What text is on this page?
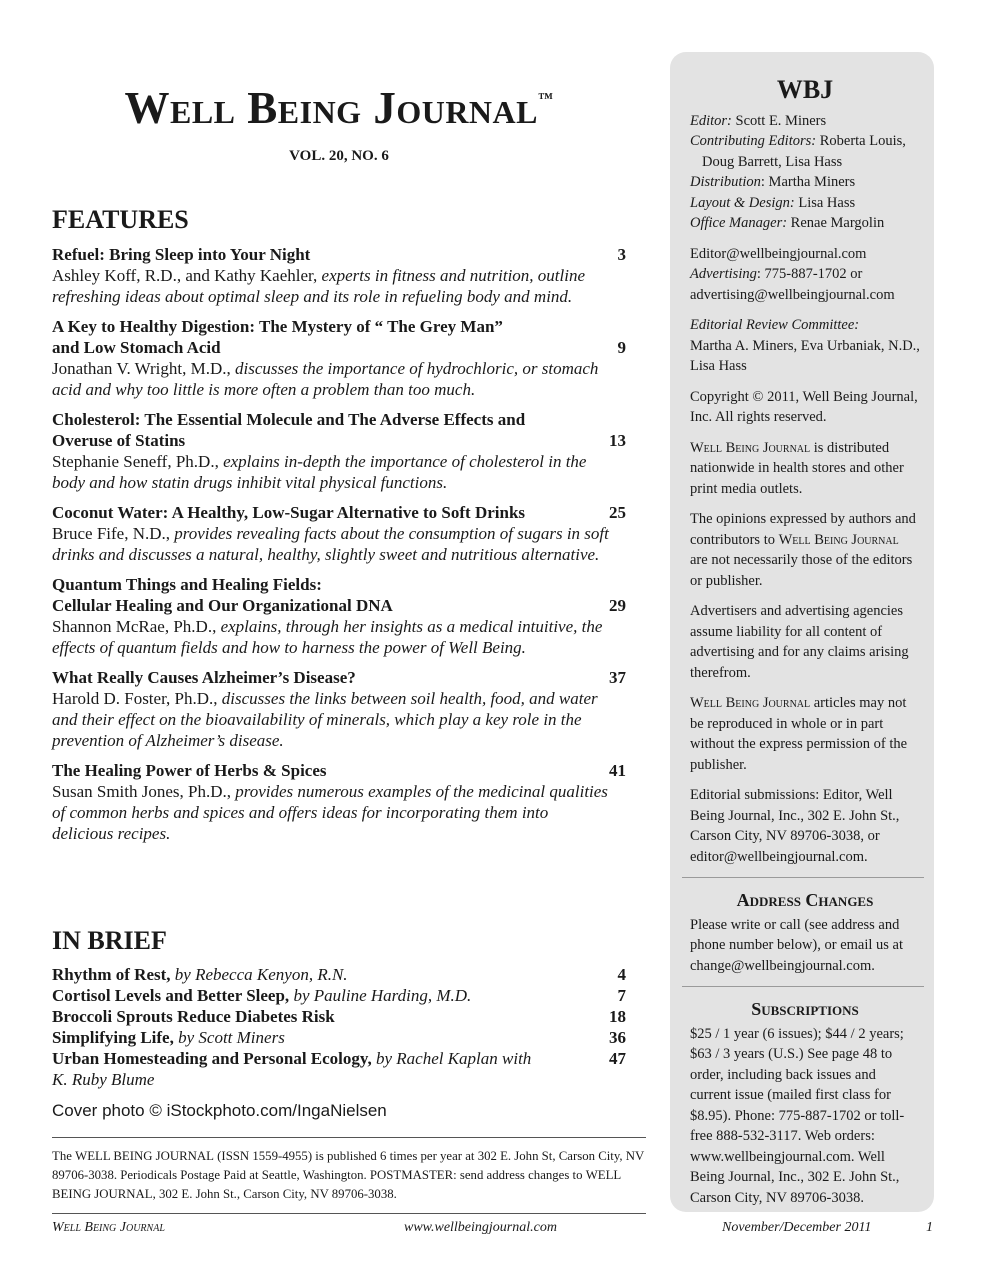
Well Being Journal™
VOL. 20, NO. 6
FEATURES
Refuel: Bring Sleep into Your Night	3
Ashley Koff, R.D., and Kathy Kaehler, experts in fitness and nutrition, outline refreshing ideas about optimal sleep and its role in refueling body and mind.
A Key to Healthy Digestion: The Mystery of “ The Grey Man”
and Low Stomach Acid	9
Jonathan V. Wright, M.D., discusses the importance of hydrochloric, or stomach acid and why too little is more often a problem than too much.
Cholesterol: The Essential Molecule and The Adverse Effects and
Overuse of Statins	13
Stephanie Seneff, Ph.D., explains in-depth the importance of cholesterol in the body and how statin drugs inhibit vital physical functions.
Coconut Water: A Healthy, Low-Sugar Alternative to Soft Drinks	25
Bruce Fife, N.D., provides revealing facts about the consumption of sugars in soft drinks and discusses a natural, healthy, slightly sweet and nutritious alternative.
Quantum Things and Healing Fields:
Cellular Healing and Our Organizational DNA	29
Shannon McRae, Ph.D., explains, through her insights as a medical intuitive, the effects of quantum fields and how to harness the power of Well Being.
What Really Causes Alzheimer’s Disease?	37
Harold D. Foster, Ph.D., discusses the links between soil health, food, and water and their effect on the bioavailability of minerals, which play a key role in the prevention of Alzheimer’s disease.
The Healing Power of Herbs & Spices	41
Susan Smith Jones, Ph.D., provides numerous examples of the medicinal qualities of common herbs and spices and offers ideas for incorporating them into delicious recipes.
IN BRIEF
Rhythm of Rest, by Rebecca Kenyon, R.N.	4
Cortisol Levels and Better Sleep, by Pauline Harding, M.D.	7
Broccoli Sprouts Reduce Diabetes Risk	18
Simplifying Life, by Scott Miners	36
Urban Homesteading and Personal Ecology, by Rachel Kaplan with	47
K. Ruby Blume
Cover photo © iStockphoto.com/IngaNielsen
The WELL BEING JOURNAL (ISSN 1559-4955) is published 6 times per year at 302 E. John St, Carson City, NV 89706-3038. Periodicals Postage Paid at Seattle, Washington. POSTMASTER: send address changes to WELL BEING JOURNAL, 302 E. John St., Carson City, NV 89706-3038.
Well Being Journal	www.wellbeingjournal.com	November/December 2011	1
WBJ
Editor: Scott E. Miners
Contributing Editors: Roberta Louis,
Doug Barrett, Lisa Hass
Distribution: Martha Miners
Layout & Design: Lisa Hass
Office Manager: Renae Margolin
Editor@wellbeingjournal.com
Advertising: 775-887-1702 or
advertising@wellbeingjournal.com
Editorial Review Committee:
Martha A. Miners, Eva Urbaniak, N.D., Lisa Hass
Copyright © 2011, Well Being Journal, Inc. All rights reserved.
Well Being Journal is distributed nationwide in health stores and other print media outlets.
The opinions expressed by authors and contributors to Well Being Journal are not necessarily those of the editors or publisher.
Advertisers and advertising agencies assume liability for all content of advertising and for any claims arising therefrom.
Well Being Journal articles may not be reproduced in whole or in part without the express permission of the publisher.
Editorial submissions: Editor, Well Being Journal, Inc., 302 E. John St., Carson City, NV 89706-3038, or editor@wellbeingjournal.com.
Address Changes
Please write or call (see address and phone number below), or email us at change@wellbeingjournal.com.
Subscriptions
$25 / 1 year (6 issues); $44 / 2 years; $63 / 3 years (U.S.) See page 48 to order, including back issues and current issue (mailed first class for $8.95). Phone: 775-887-1702 or toll-free 888-532-3117. Web orders: www.wellbeingjournal.com. Well Being Journal, Inc., 302 E. John St., Carson City, NV 89706-3038.
